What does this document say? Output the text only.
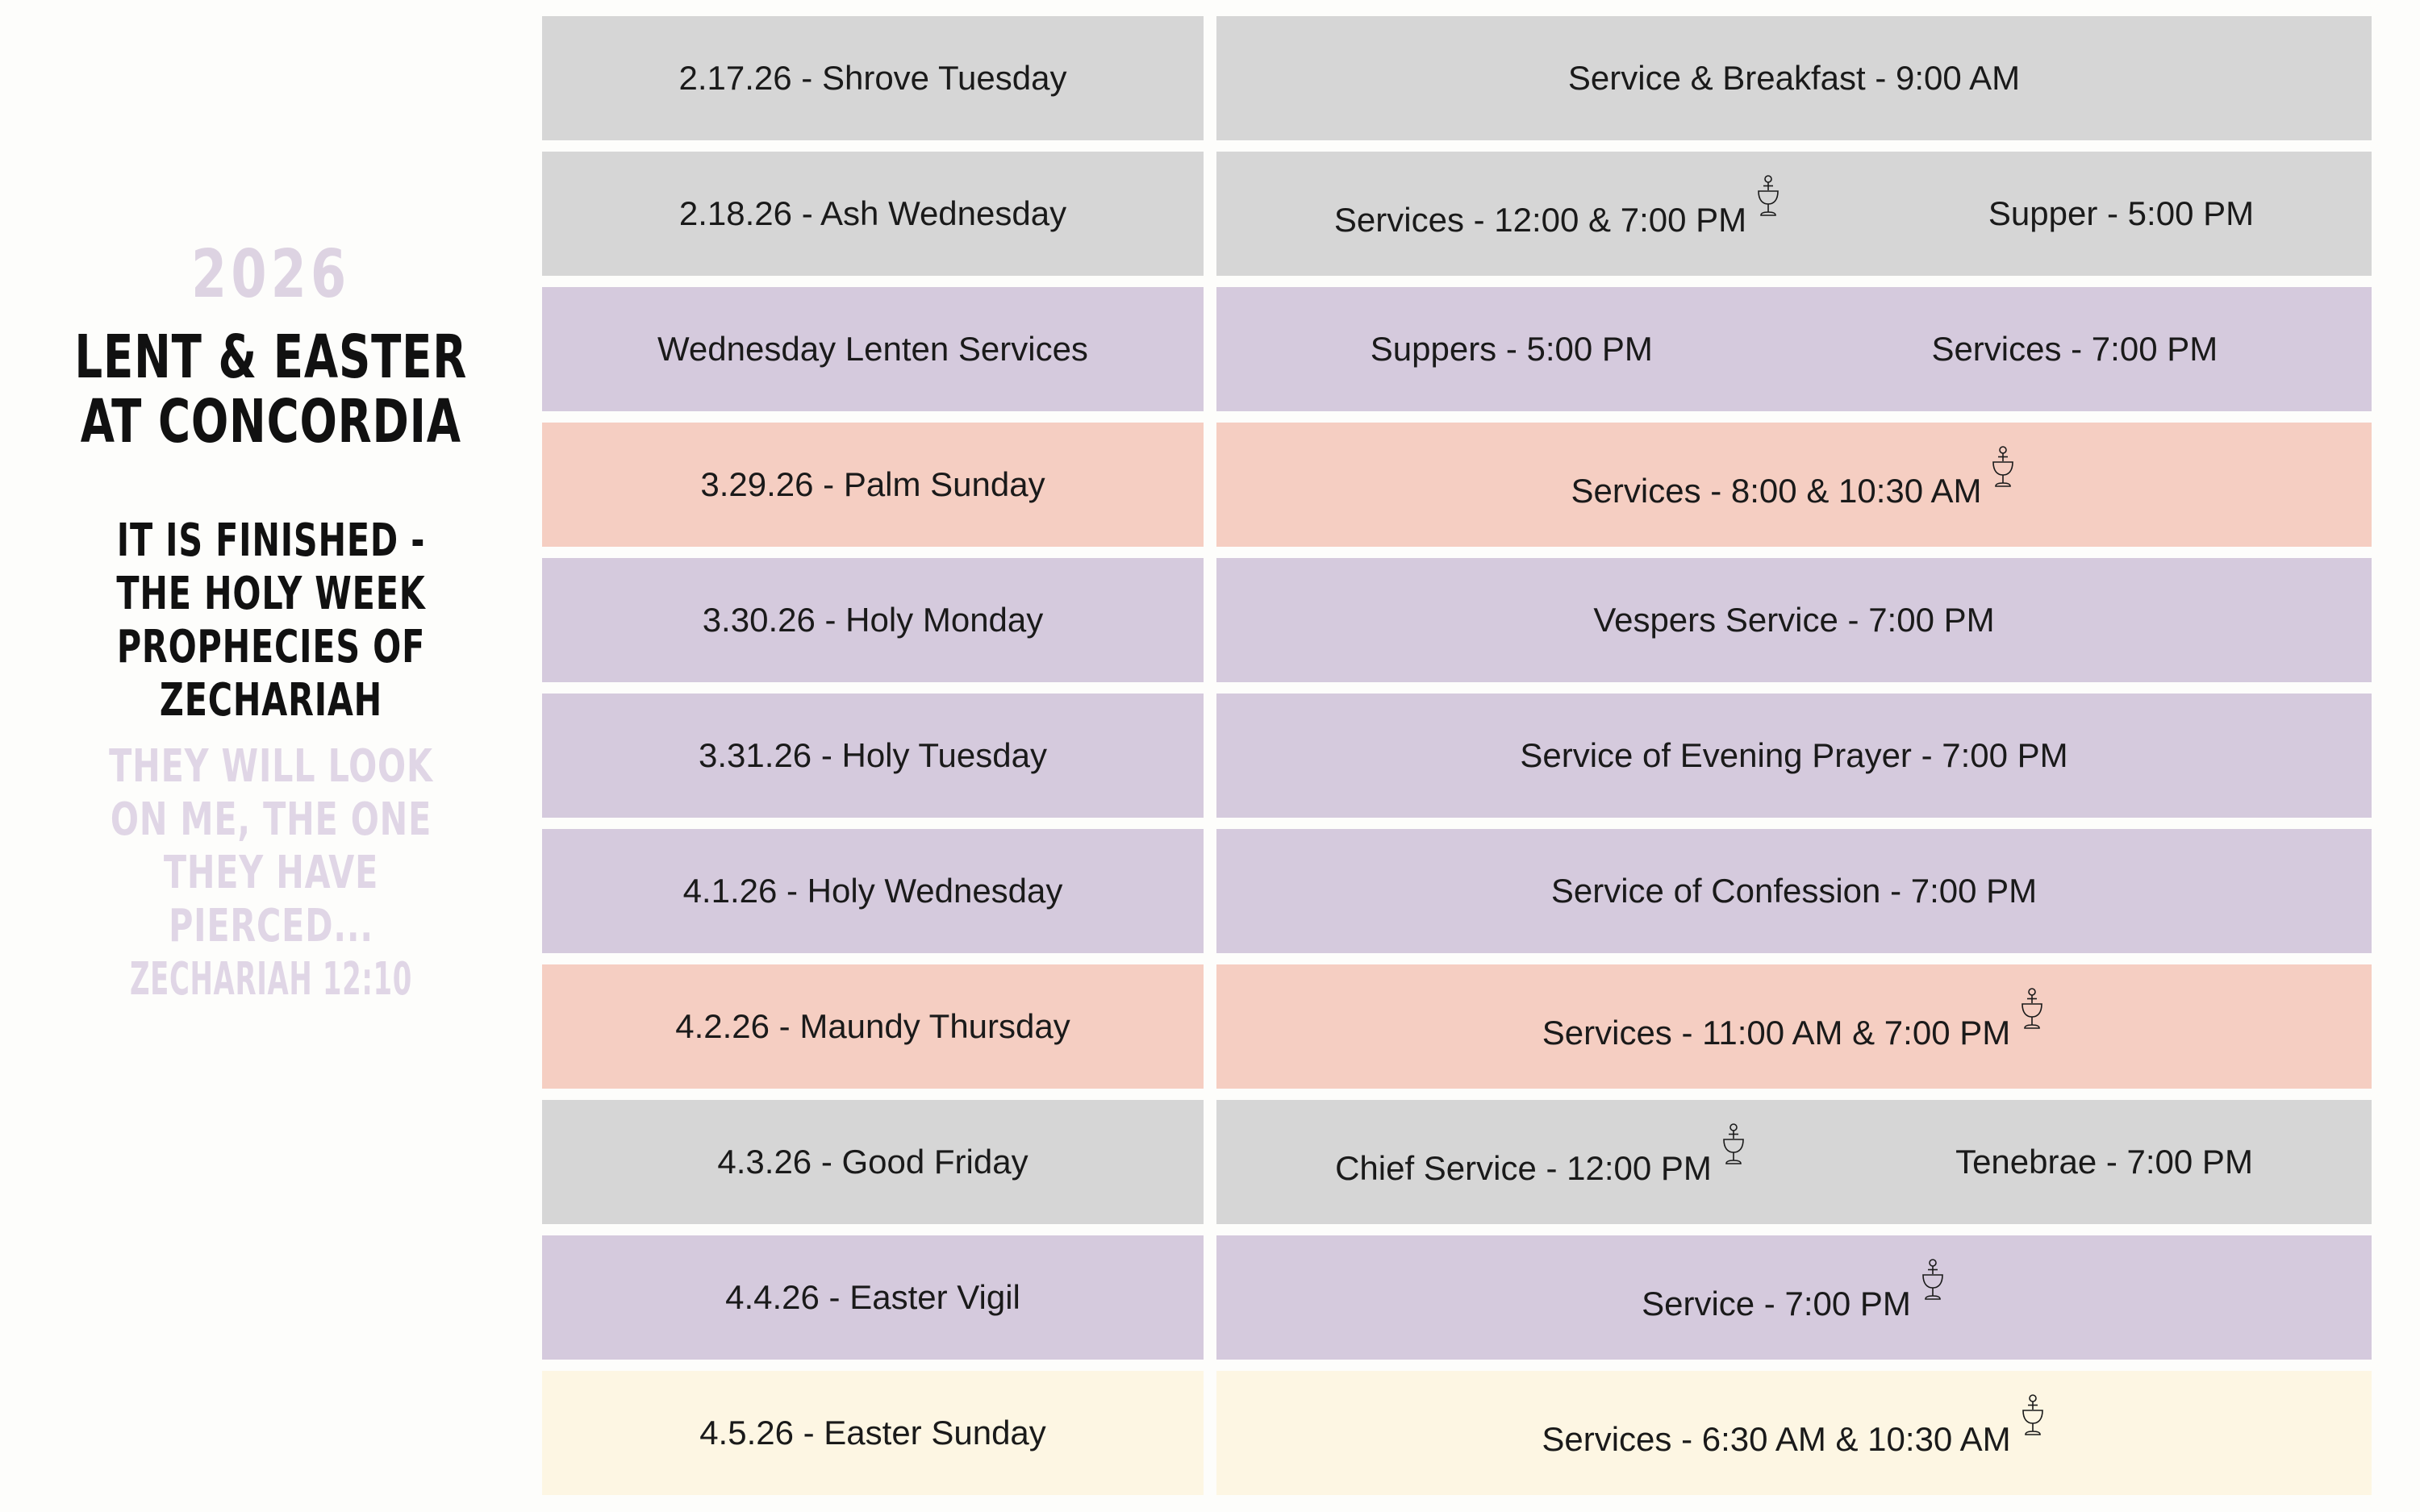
2026
LENT & EASTER
AT CONCORDIA
IT IS FINISHED -
THE HOLY WEEK
PROPHECIES OF
ZECHARIAH
THEY WILL LOOK
ON ME, THE ONE
THEY HAVE
PIERCED...
ZECHARIAH 12:10
2.17.26 - Shrove Tuesday	Service & Breakfast - 9:00 AM
2.18.26 - Ash Wednesday	Services - 12:00 & 7:00 PM	Supper - 5:00 PM
Wednesday Lenten Services	Suppers - 5:00 PM	Services - 7:00 PM
3.29.26 - Palm Sunday	Services - 8:00 & 10:30 AM
3.30.26 - Holy Monday	Vespers Service - 7:00 PM
3.31.26 - Holy Tuesday	Service of Evening Prayer - 7:00 PM
4.1.26 - Holy Wednesday	Service of Confession - 7:00 PM
4.2.26 - Maundy Thursday	Services - 11:00 AM & 7:00 PM
4.3.26 - Good Friday	Chief Service - 12:00 PM	Tenebrae - 7:00 PM
4.4.26 - Easter Vigil	Service - 7:00 PM
4.5.26 - Easter Sunday	Services - 6:30 AM & 10:30 AM
